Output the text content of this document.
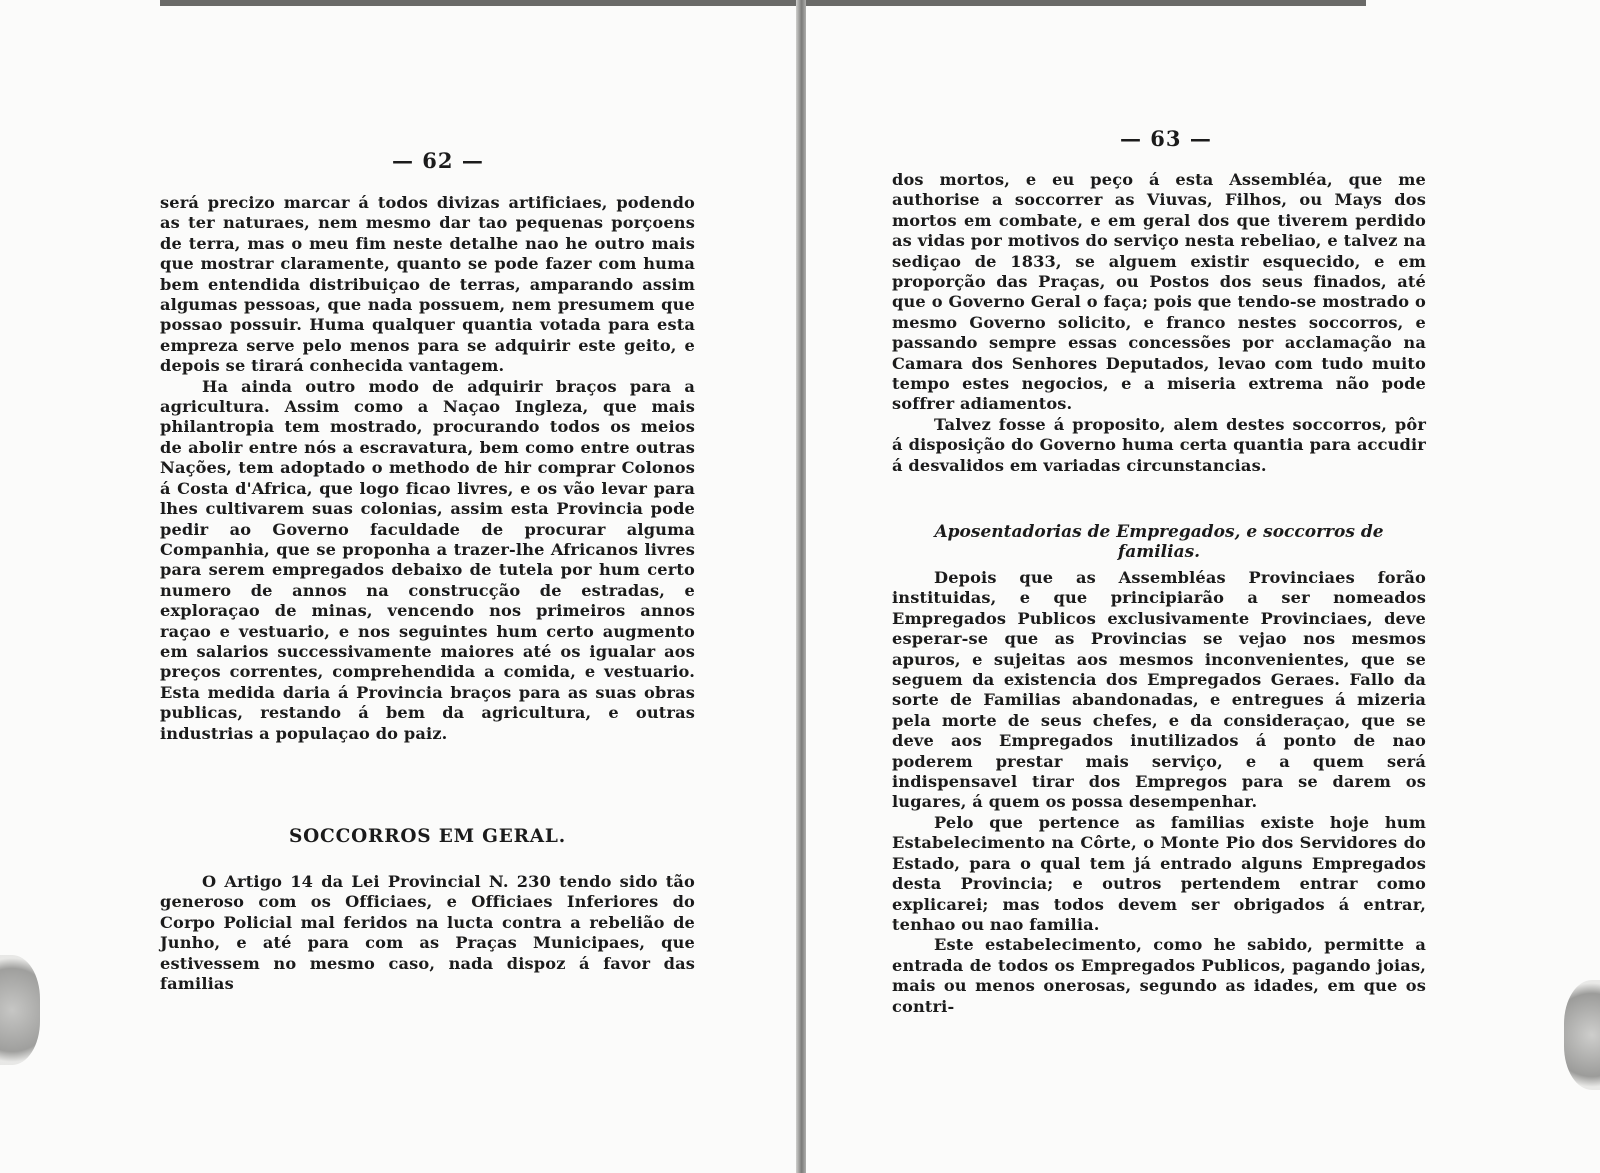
— 62 —

será precizo marcar á todos divizas artificiaes, podendo as ter naturaes, nem mesmo dar tao pequenas porçoens de terra, mas o meu fim neste detalhe nao he outro mais que mostrar claramente, quanto se pode fazer com huma bem entendida distribuiçao de terras, amparando assim algumas pessoas, que nada possuem, nem presumem que possao possuir. Huma qualquer quantia votada para esta empreza serve pelo menos para se adquirir este geito, e depois se tirará conhecida vantagem.

Ha ainda outro modo de adquirir braços para a agricultura. Assim como a Naçao Ingleza, que mais philantropia tem mostrado, procurando todos os meios de abolir entre nós a escravatura, bem como entre outras Nações, tem adoptado o methodo de hir comprar Colonos á Costa d'Africa, que logo ficao livres, e os vão levar para lhes cultivarem suas colonias, assim esta Provincia pode pedir ao Governo faculdade de procurar alguma Companhia, que se proponha a trazer-lhe Africanos livres para serem empregados debaixo de tutela por hum certo numero de annos na construcção de estradas, e exploraçao de minas, vencendo nos primeiros annos raçao e vestuario, e nos seguintes hum certo augmento em salarios successivamente maiores até os igualar aos preços correntes, comprehendida a comida, e vestuario. Esta medida daria á Provincia braços para as suas obras publicas, restando á bem da agricultura, e outras industrias a populaçao do paiz.

SOCCORROS EM GERAL.

O Artigo 14 da Lei Provincial N. 230 tendo sido tão generoso com os Officiaes, e Officiaes Inferiores do Corpo Policial mal feridos na lucta contra a rebelião de Junho, e até para com as Praças Municipaes, que estivessem no mesmo caso, nada dispoz á favor das familias

— 63 —

dos mortos, e eu peço á esta Assembléa, que me authorise a soccorrer as Viuvas, Filhos, ou Mays dos mortos em combate, e em geral dos que tiverem perdido as vidas por motivos do serviço nesta rebeliao, e talvez na sediçao de 1833, se alguem existir esquecido, e em proporção das Praças, ou Postos dos seus finados, até que o Governo Geral o faça; pois que tendo-se mostrado o mesmo Governo solicito, e franco nestes soccorros, e passando sempre essas concessões por acclamação na Camara dos Senhores Deputados, levao com tudo muito tempo estes negocios, e a miseria extrema não pode soffrer adiamentos.

Talvez fosse á proposito, alem destes soccorros, pôr á disposição do Governo huma certa quantia para accudir á desvalidos em variadas circunstancias.

Aposentadorias de Empregados, e soccorros de familias.

Depois que as Assembléas Provinciaes forão instituidas, e que principiarão a ser nomeados Empregados Publicos exclusivamente Provinciaes, deve esperar-se que as Provincias se vejao nos mesmos apuros, e sujeitas aos mesmos inconvenientes, que se seguem da existencia dos Empregados Geraes. Fallo da sorte de Familias abandonadas, e entregues á mizeria pela morte de seus chefes, e da consideraçao, que se deve aos Empregados inutilizados á ponto de nao poderem prestar mais serviço, e a quem será indispensavel tirar dos Empregos para se darem os lugares, á quem os possa desempenhar.

Pelo que pertence as familias existe hoje hum Estabelecimento na Côrte, o Monte Pio dos Servidores do Estado, para o qual tem já entrado alguns Empregados desta Provincia; e outros pertendem entrar como explicarei; mas todos devem ser obrigados á entrar, tenhao ou nao familia.

Este estabelecimento, como he sabido, permitte a entrada de todos os Empregados Publicos, pagando joias, mais ou menos onerosas, segundo as idades, em que os contri-
